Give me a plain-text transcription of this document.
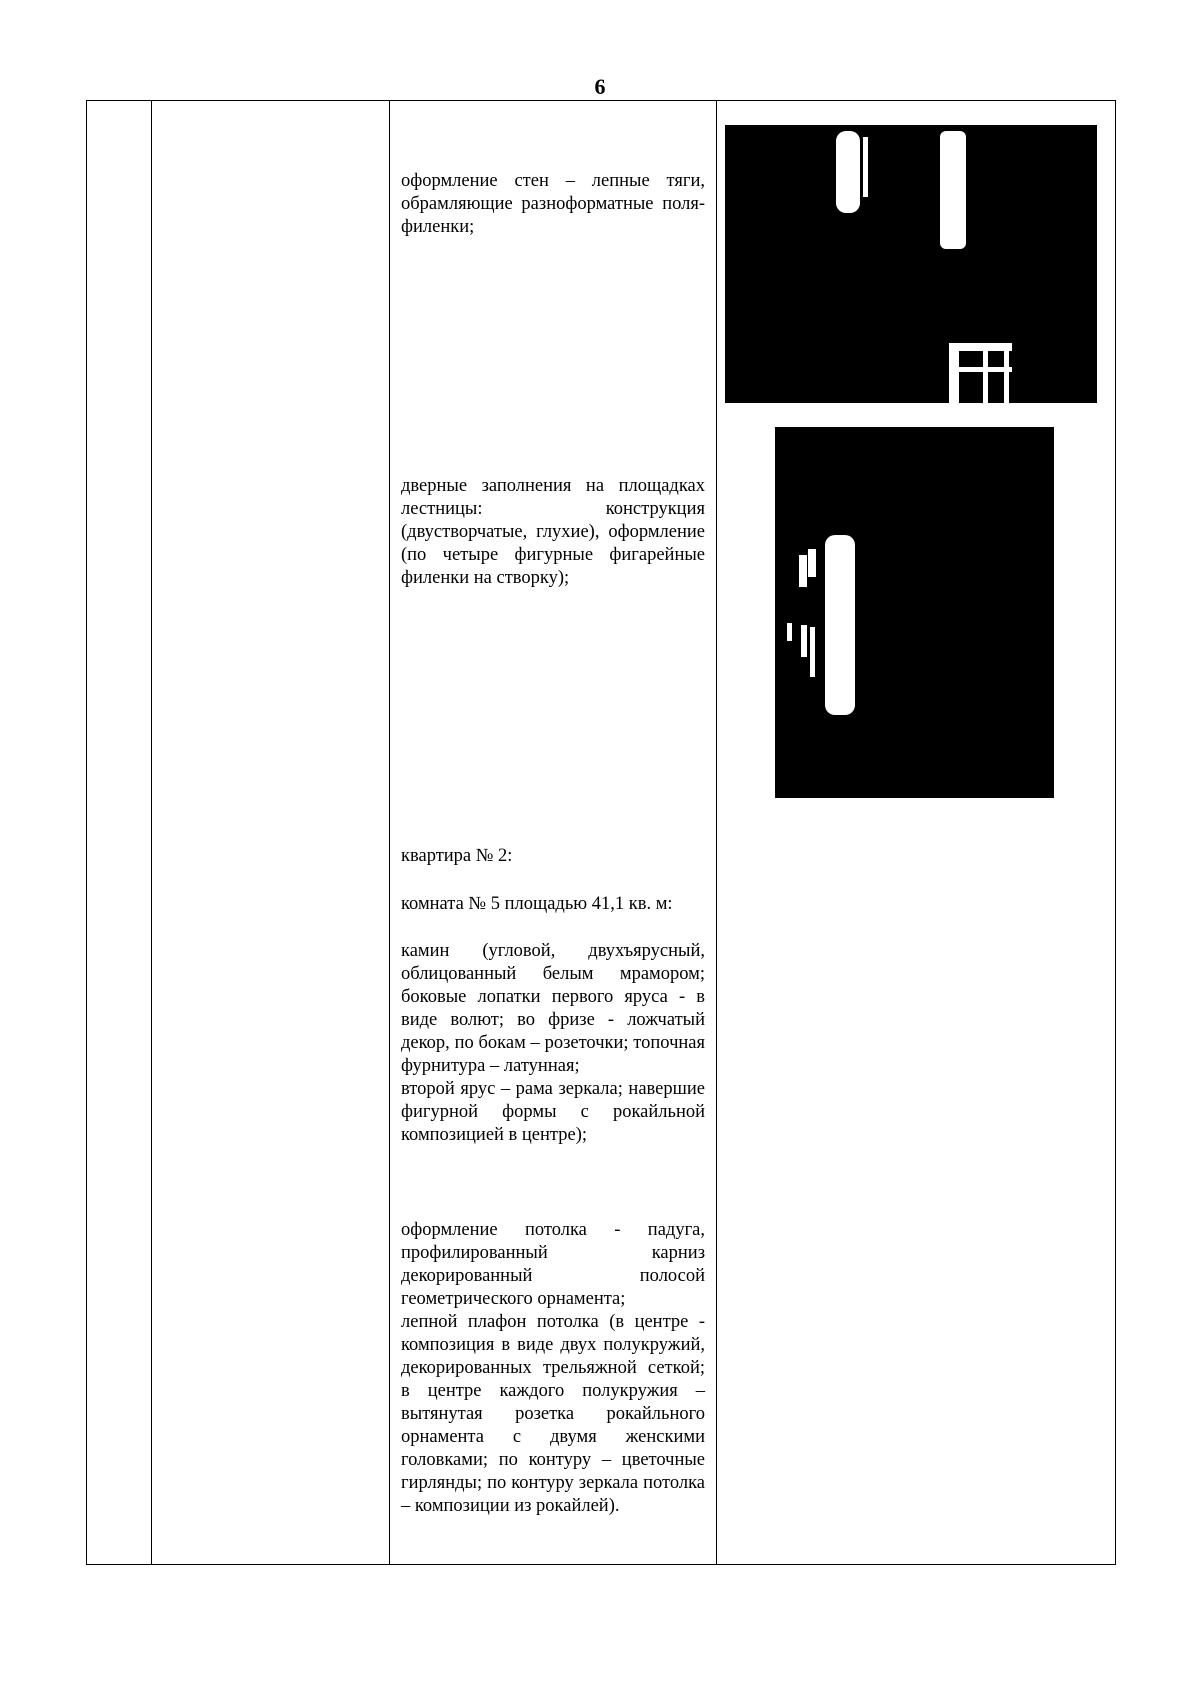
6

оформление стен – лепные тяги, обрамляющие разноформатные поля-филенки;

дверные заполнения на площадках лестницы: конструкция (двустворчатые, глухие), оформление (по четыре фигурные фигарейные филенки на створку);

квартира № 2:

комната № 5 площадью 41,1 кв. м:

камин (угловой, двухъярусный, облицованный белым мрамором; боковые лопатки первого яруса - в виде волют; во фризе - ложчатый декор, по бокам – розеточки; топочная фурнитура – латунная;

второй ярус – рама зеркала; навершие фигурной формы с рокайльной композицией в центре);

оформление потолка - падуга, профилированный карниз декорированный полосой геометрического орнамента;

лепной плафон потолка (в центре - композиция в виде двух полукружий, декорированных трельяжной сеткой; в центре каждого полукружия – вытянутая розетка рокайльного орнамента с двумя женскими головками; по контуру – цветочные гирлянды; по контуру зеркала потолка – композиции из рокайлей).
